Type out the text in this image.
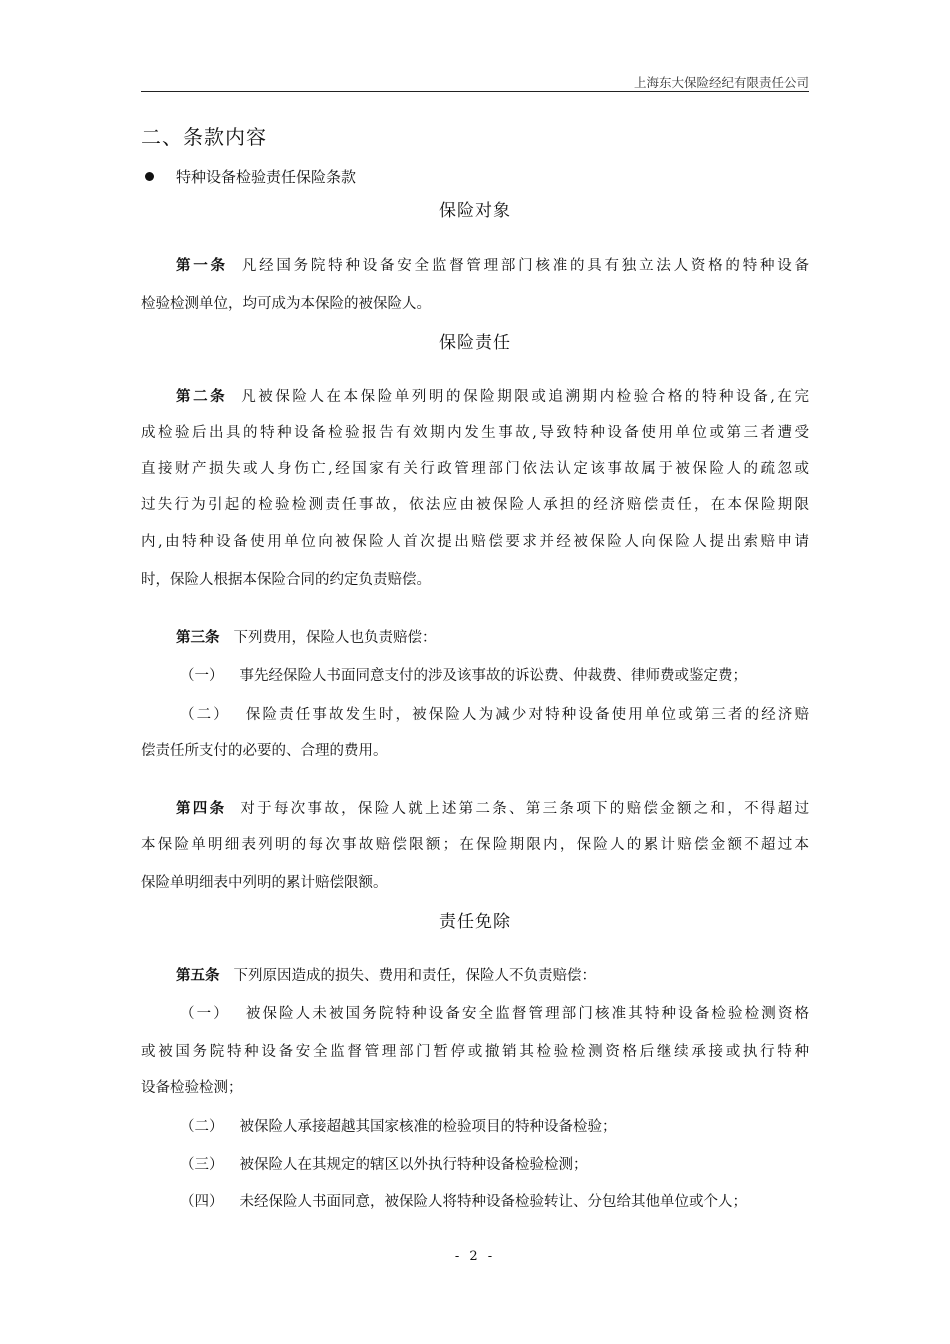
上海东大保险经纪有限责任公司
二、条款内容
特种设备检验责任保险条款
保险对象
第一条 凡经国务院特种设备安全监督管理部门核准的具有独立法人资格的特种设备
检验检测单位，均可成为本保险的被保险人。
保险责任
第二条 凡被保险人在本保险单列明的保险期限或追溯期内检验合格的特种设备,在完
成检验后出具的特种设备检验报告有效期内发生事故,导致特种设备使用单位或第三者遭受
直接财产损失或人身伤亡,经国家有关行政管理部门依法认定该事故属于被保险人的疏忽或
过失行为引起的检验检测责任事故，依法应由被保险人承担的经济赔偿责任，在本保险期限
内,由特种设备使用单位向被保险人首次提出赔偿要求并经被保险人向保险人提出索赔申请
时，保险人根据本保险合同的约定负责赔偿。
第三条 下列费用，保险人也负责赔偿：
（一） 事先经保险人书面同意支付的涉及该事故的诉讼费、仲裁费、律师费或鉴定费；
（二） 保险责任事故发生时，被保险人为减少对特种设备使用单位或第三者的经济赔
偿责任所支付的必要的、合理的费用。
第四条 对于每次事故，保险人就上述第二条、第三条项下的赔偿金额之和，不得超过
本保险单明细表列明的每次事故赔偿限额；在保险期限内，保险人的累计赔偿金额不超过本
保险单明细表中列明的累计赔偿限额。
责任免除
第五条 下列原因造成的损失、费用和责任，保险人不负责赔偿：
（一） 被保险人未被国务院特种设备安全监督管理部门核准其特种设备检验检测资格
或被国务院特种设备安全监督管理部门暂停或撤销其检验检测资格后继续承接或执行特种
设备检验检测；
（二） 被保险人承接超越其国家核准的检验项目的特种设备检验；
（三） 被保险人在其规定的辖区以外执行特种设备检验检测；
（四） 未经保险人书面同意，被保险人将特种设备检验转让、分包给其他单位或个人；
- 2 -
